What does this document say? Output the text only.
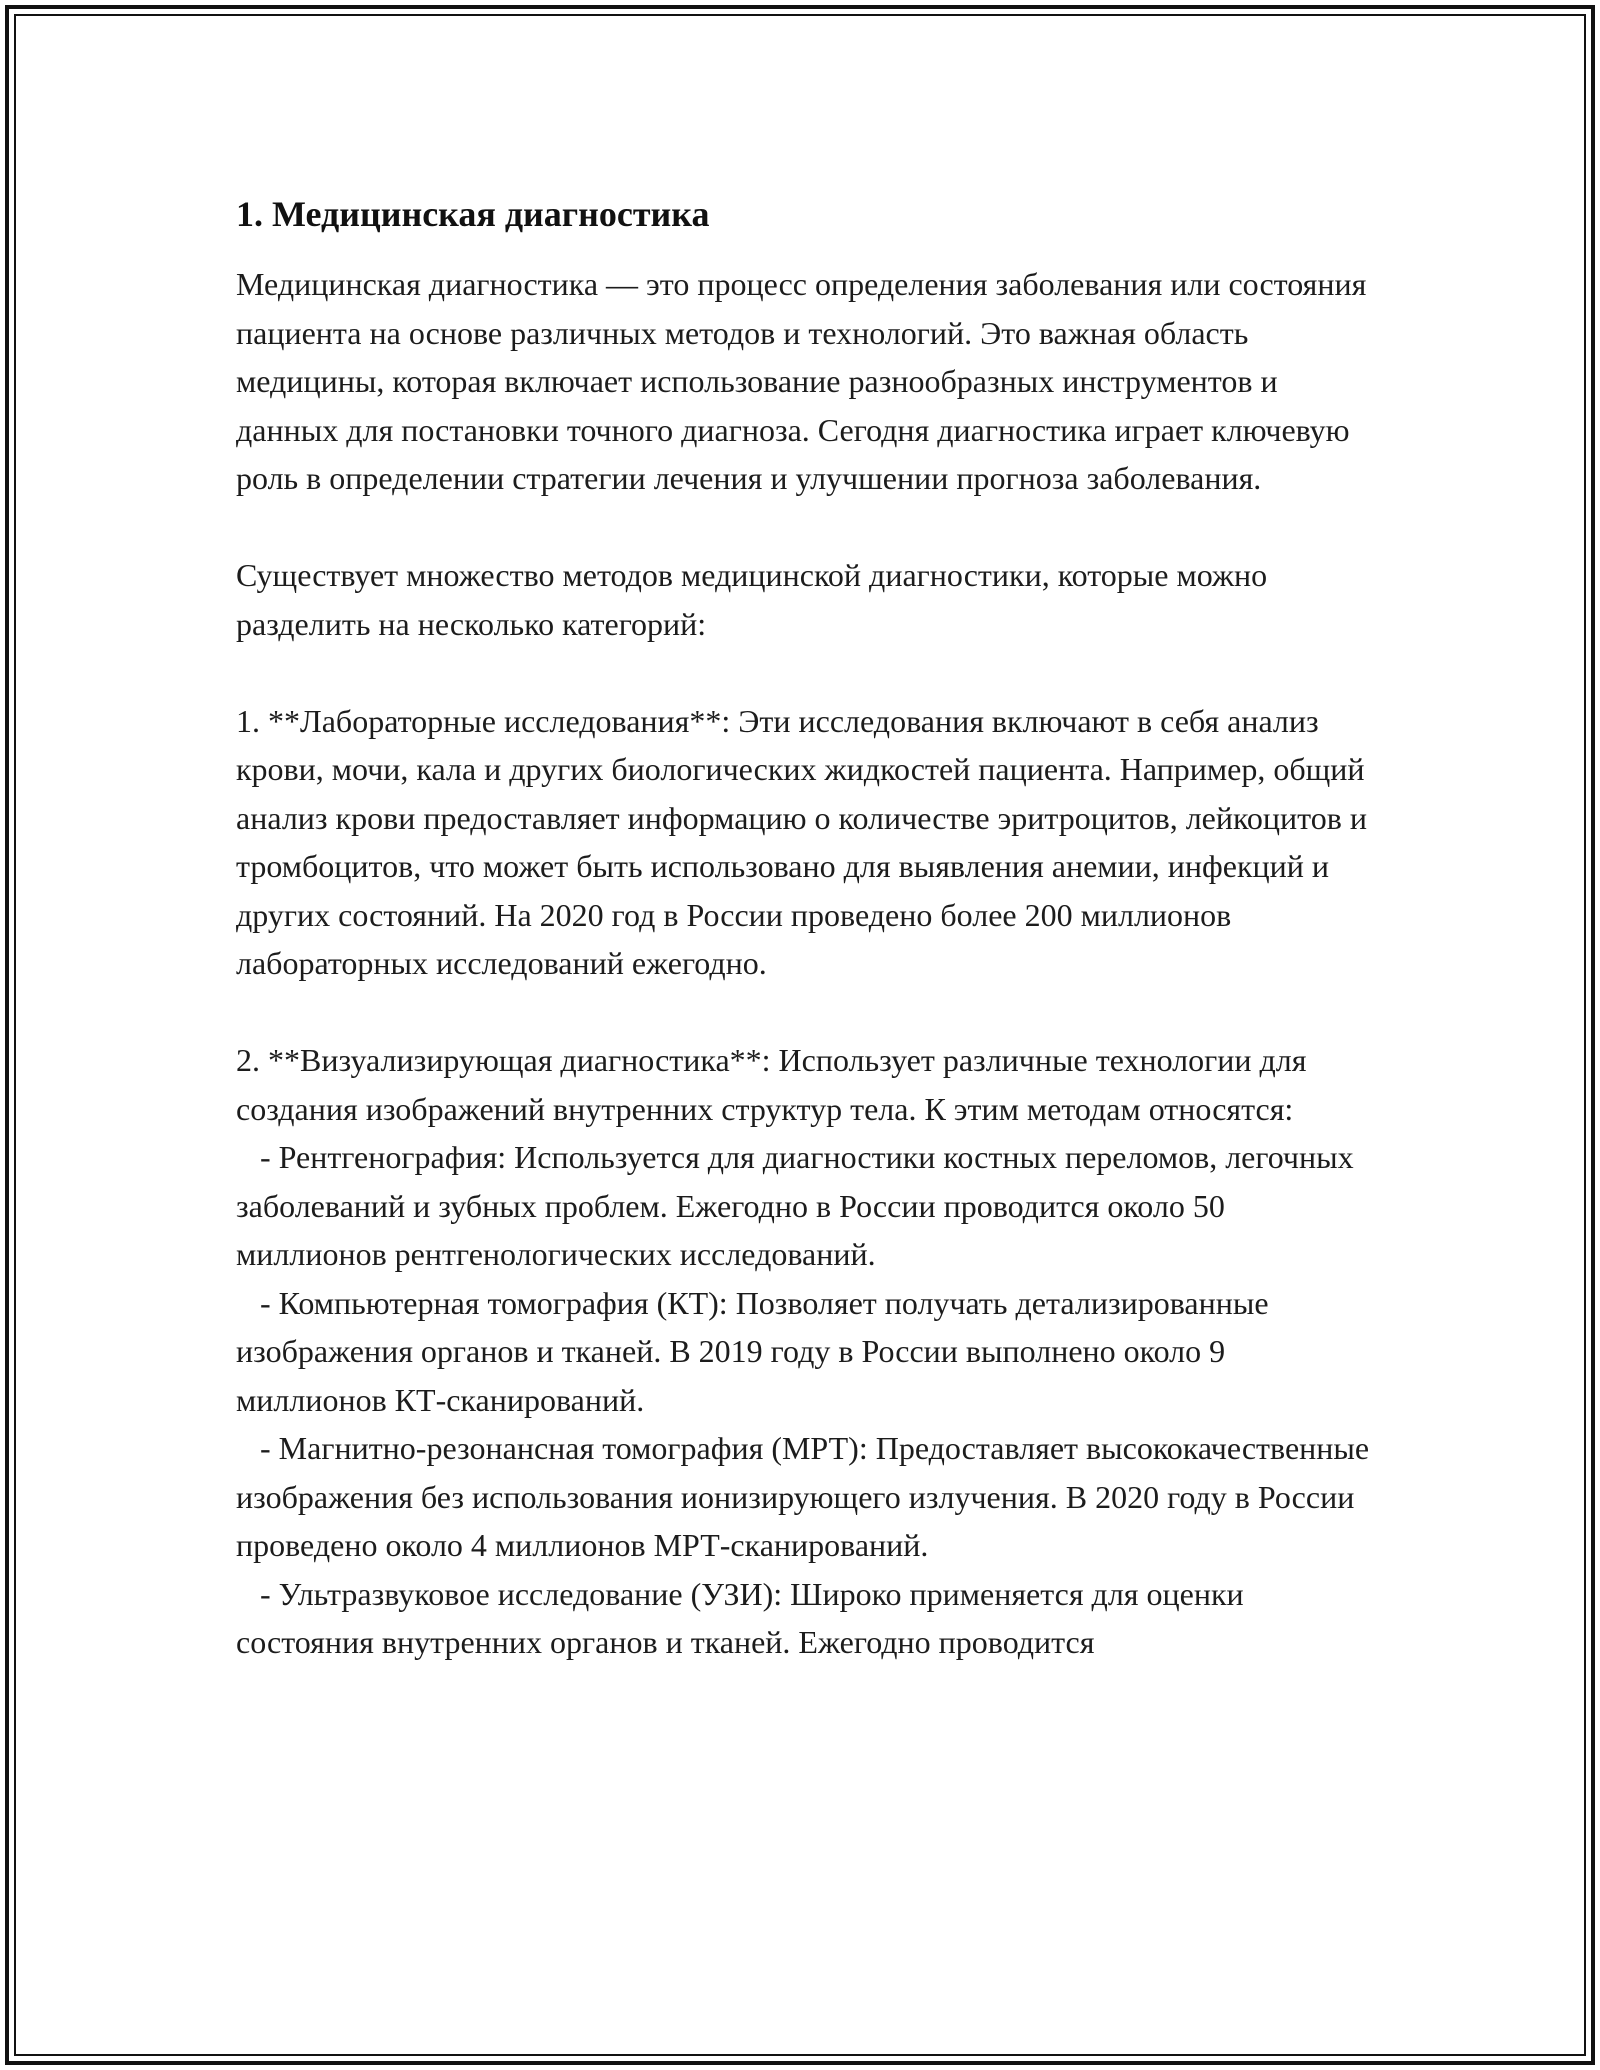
1. Медицинская диагностика

Медицинская диагностика — это процесс определения заболевания или состояния пациента на основе различных методов и технологий. Это важная область медицины, которая включает использование разнообразных инструментов и данных для постановки точного диагноза. Сегодня диагностика играет ключевую роль в определении стратегии лечения и улучшении прогноза заболевания.

Существует множество методов медицинской диагностики, которые можно разделить на несколько категорий:

1. **Лабораторные исследования**: Эти исследования включают в себя анализ крови, мочи, кала и других биологических жидкостей пациента. Например, общий анализ крови предоставляет информацию о количестве эритроцитов, лейкоцитов и тромбоцитов, что может быть использовано для выявления анемии, инфекций и других состояний. На 2020 год в России проведено более 200 миллионов лабораторных исследований ежегодно.

2. **Визуализирующая диагностика**: Использует различные технологии для создания изображений внутренних структур тела. К этим методам относятся:
- Рентгенография: Используется для диагностики костных переломов, легочных заболеваний и зубных проблем. Ежегодно в России проводится около 50 миллионов рентгенологических исследований.
- Компьютерная томография (КТ): Позволяет получать детализированные изображения органов и тканей. В 2019 году в России выполнено около 9 миллионов КТ-сканирований.
- Магнитно-резонансная томография (МРТ): Предоставляет высококачественные изображения без использования ионизирующего излучения. В 2020 году в России проведено около 4 миллионов МРТ-сканирований.
- Ультразвуковое исследование (УЗИ): Широко применяется для оценки состояния внутренних органов и тканей. Ежегодно проводится
